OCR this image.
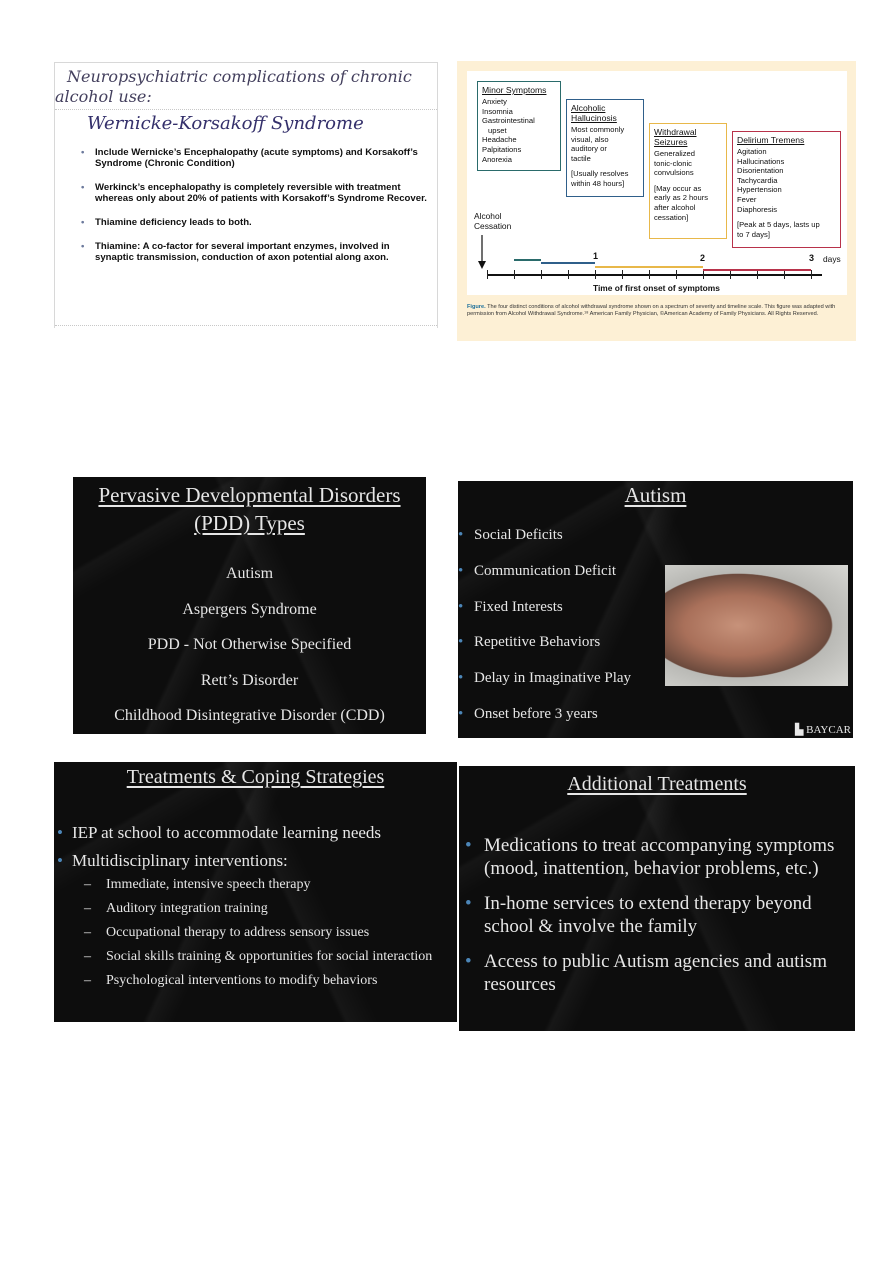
Neuropsychiatric complications of chronic
alcohol use:
Wernicke-Korsakoff Syndrome
• Include Wernicke’s Encephalopathy (acute symptoms) and Korsakoff’s Syndrome (Chronic Condition)
• Werkinck’s encephalopathy is completely reversible with treatment whereas only about 20% of patients with Korsakoff’s Syndrome Recover.
• Thiamine deficiency leads to both.
• Thiamine: A co-factor for several important enzymes, involved in synaptic transmission, conduction of axon potential along axon.
Minor Symptoms
Anxiety
Insomnia
Gastrointestinal
upset
Headache
Palpitations
Anorexia
Alcoholic
Hallucinosis
Most commonly
visual, also
auditory or
tactile
[Usually resolves
within 48 hours]
Withdrawal
Seizures
Generalized
tonic-clonic
convulsions
[May occur as
early as 2 hours
after alcohol
cessation]
Delirium Tremens
Agitation
Hallucinations
Disorientation
Tachycardia
Hypertension
Fever
Diaphoresis
[Peak at 5 days, lasts up
to 7 days]
Alcohol
Cessation
1	2	3 days
Time of first onset of symptoms
Figure. The four distinct conditions of alcohol withdrawal syndrome shown on a spectrum of severity and timeline scale. This figure was adapted with permission from Alcohol Withdrawal Syndrome.¹⁸ American Family Physician, ©American Academy of Family Physicians. All Rights Reserved.
Pervasive Developmental Disorders
(PDD) Types
Autism
Aspergers Syndrome
PDD - Not Otherwise Specified
Rett’s Disorder
Childhood Disintegrative Disorder (CDD)
Autism
• Social Deficits
• Communication Deficit
• Fixed Interests
• Repetitive Behaviors
• Delay in Imaginative Play
• Onset before 3 years
▙ BAYCAR
Treatments & Coping Strategies
• IEP at school to accommodate learning needs
• Multidisciplinary interventions:
– Immediate, intensive speech therapy
– Auditory integration training
– Occupational therapy to address sensory issues
– Social skills training & opportunities for social interaction
– Psychological interventions to modify behaviors
Additional Treatments
• Medications to treat accompanying symptoms (mood, inattention, behavior problems, etc.)
• In-home services to extend therapy beyond school & involve the family
• Access to public Autism agencies and autism resources
